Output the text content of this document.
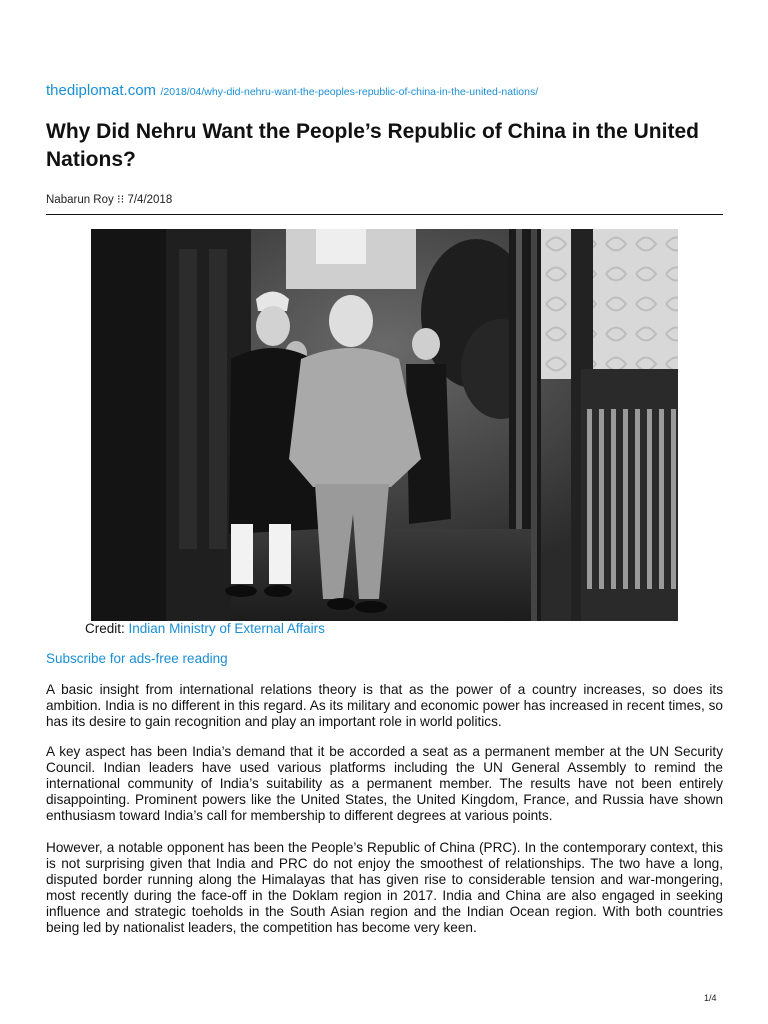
thediplomat.com /2018/04/why-did-nehru-want-the-peoples-republic-of-china-in-the-united-nations/
Why Did Nehru Want the People’s Republic of China in the United Nations?
Nabarun Roy ⁝⁝ 7/4/2018
Credit: Indian Ministry of External Affairs
Subscribe for ads-free reading

A basic insight from international relations theory is that as the power of a country increases, so does its ambition. India is no different in this regard. As its military and economic power has increased in recent times, so has its desire to gain recognition and play an important role in world politics.

A key aspect has been India’s demand that it be accorded a seat as a permanent member at the UN Security Council. Indian leaders have used various platforms including the UN General Assembly to remind the international community of India’s suitability as a permanent member. The results have not been entirely disappointing. Prominent powers like the United States, the United Kingdom, France, and Russia have shown enthusiasm toward India’s call for membership to different degrees at various points.

However, a notable opponent has been the People’s Republic of China (PRC). In the contemporary context, this is not surprising given that India and PRC do not enjoy the smoothest of relationships. The two have a long, disputed border running along the Himalayas that has given rise to considerable tension and war-mongering, most recently during the face-off in the Doklam region in 2017. India and China are also engaged in seeking influence and strategic toeholds in the South Asian region and the Indian Ocean region. With both countries being led by nationalist leaders, the competition has become very keen.

1/4
